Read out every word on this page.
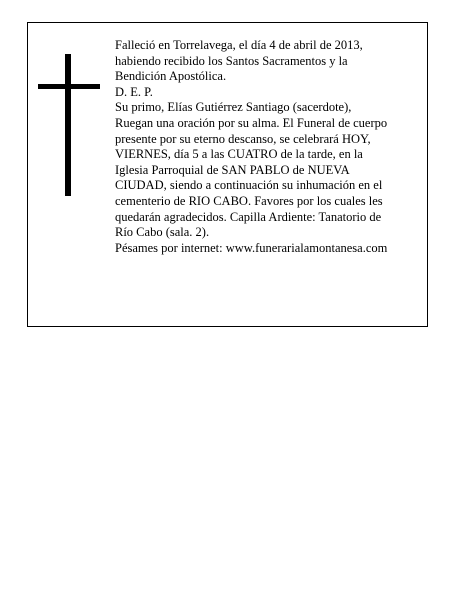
Falleció en Torrelavega, el día 4 de abril de 2013,
habiendo recibido los Santos Sacramentos y la
Bendición Apostólica.

D. E. P.

Su primo, Elías Gutiérrez Santiago (sacerdote),
Ruegan una oración por su alma. El Funeral de cuerpo
presente por su eterno descanso, se celebrará HOY,
VIERNES, día 5 a las CUATRO de la tarde, en la
Iglesia Parroquial de SAN PABLO de NUEVA
CIUDAD, siendo a continuación su inhumación en el
cementerio de RIO CABO. Favores por los cuales les
quedarán agradecidos. Capilla Ardiente: Tanatorio de
Río Cabo (sala. 2).

Pésames por internet: www.funerarialamontanesa.com
